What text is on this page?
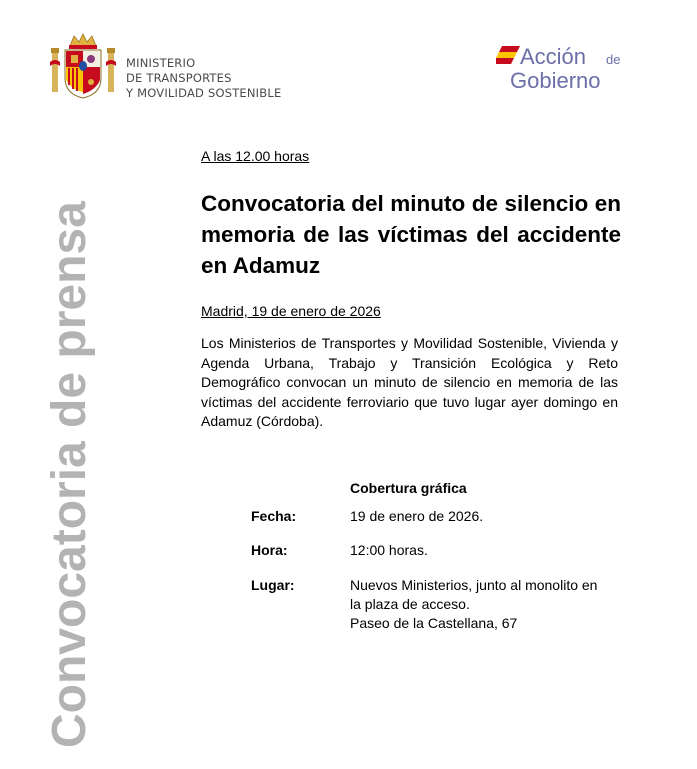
MINISTERIO
DE TRANSPORTES
Y MOVILIDAD SOSTENIBLE
Acción de
Gobierno
Convocatoria de prensa
A las 12.00 horas
Convocatoria del minuto de silencio en memoria de las víctimas del accidente en Adamuz
Madrid, 19 de enero de 2026
Los Ministerios de Transportes y Movilidad Sostenible, Vivienda y Agenda Urbana, Trabajo y Transición Ecológica y Reto Demográfico convocan un minuto de silencio en memoria de las víctimas del accidente ferroviario que tuvo lugar ayer domingo en Adamuz (Córdoba).
Cobertura gráfica
Fecha:	19 de enero de 2026.
Hora:	12:00 horas.
Lugar:	Nuevos Ministerios, junto al monolito en la plaza de acceso.
Paseo de la Castellana, 67
